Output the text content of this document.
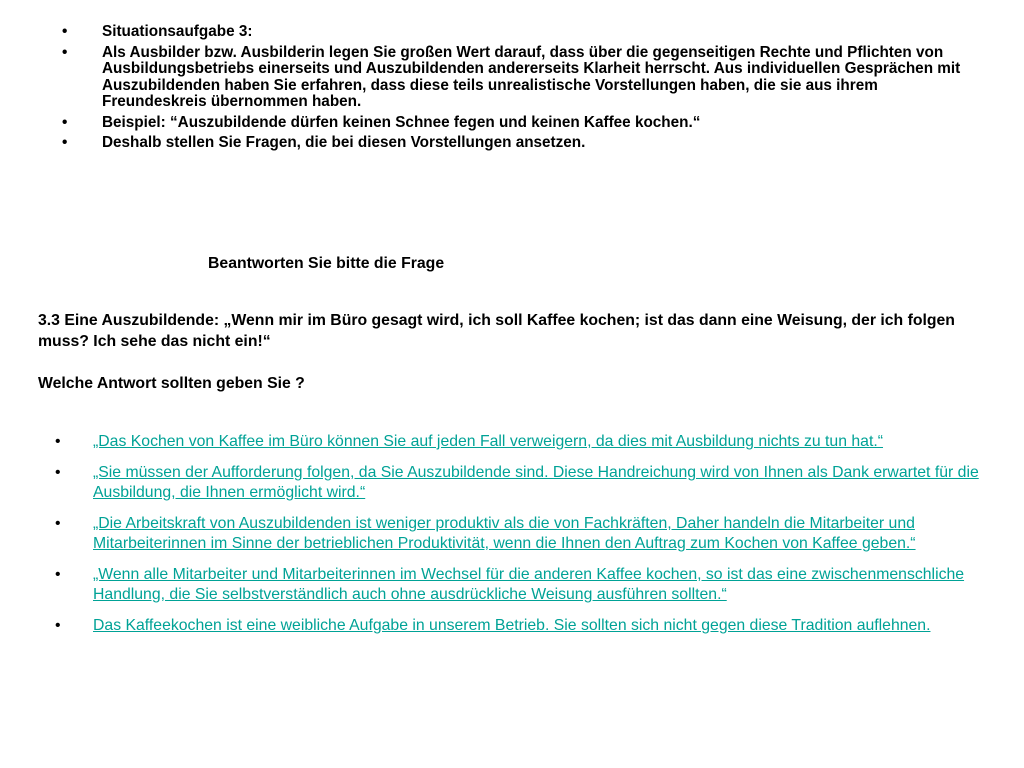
• Situationsaufgabe 3:
• Als Ausbilder bzw. Ausbilderin legen Sie großen Wert darauf, dass über die gegenseitigen Rechte und Pflichten von Ausbildungsbetriebs einerseits und Auszubildenden andererseits Klarheit herrscht. Aus individuellen Gesprächen mit Auszubildenden haben Sie erfahren, dass diese teils unrealistische Vorstellungen haben, die sie aus ihrem Freundeskreis übernommen haben.
• Beispiel: “Auszubildende dürfen keinen Schnee fegen und keinen Kaffee kochen.“
• Deshalb stellen Sie Fragen, die bei diesen Vorstellungen ansetzen.
Beantworten Sie bitte die Frage
3.3 Eine Auszubildende: „Wenn mir im Büro gesagt wird, ich soll Kaffee kochen; ist das dann eine Weisung, der ich folgen muss? Ich sehe das nicht ein!“
Welche Antwort sollten geben Sie ?
• „Das Kochen von Kaffee im Büro können Sie auf jeden Fall verweigern, da dies mit Ausbildung nichts zu tun hat.“
• „Sie müssen der Aufforderung folgen, da Sie Auszubildende sind. Diese Handreichung wird von Ihnen als Dank erwartet für die Ausbildung, die Ihnen ermöglicht wird.“
• „Die Arbeitskraft von Auszubildenden ist weniger produktiv als die von Fachkräften, Daher handeln die Mitarbeiter und Mitarbeiterinnen im Sinne der betrieblichen Produktivität, wenn die Ihnen den Auftrag zum Kochen von Kaffee geben.“
• „Wenn alle Mitarbeiter und Mitarbeiterinnen im Wechsel für die anderen Kaffee kochen, so ist das eine zwischenmenschliche Handlung, die Sie selbstverständlich auch ohne ausdrückliche Weisung ausführen sollten.“
• Das Kaffeekochen ist eine weibliche Aufgabe in unserem Betrieb. Sie sollten sich nicht gegen diese Tradition auflehnen.
